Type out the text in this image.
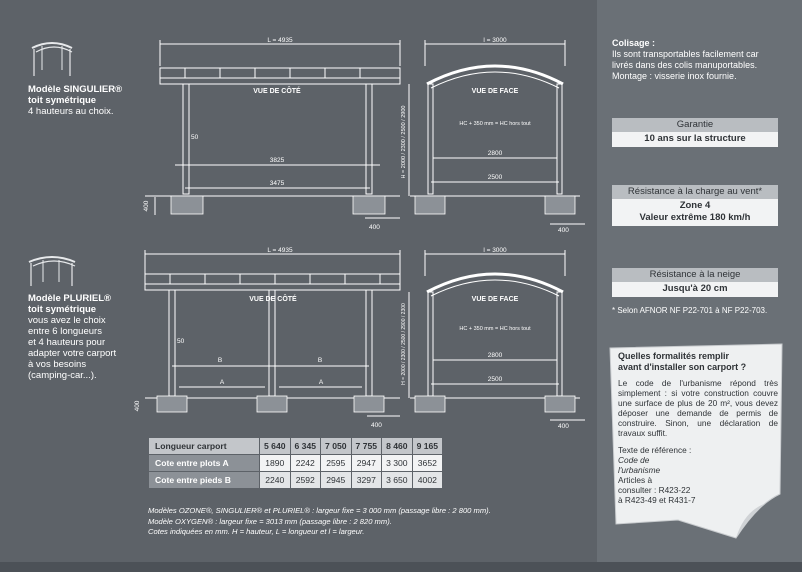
Modèle SINGULIER®
toit symétrique
4 hauteurs au choix.
Modèle PLURIEL®
toit symétrique
vous avez le choix
entre 6 longueurs
et 4 hauteurs pour
adapter votre carport
à vos besoins
(camping-car...).
L = 4935
VUE DE CÔTÉ
50
3825
3475
400
400
l = 3000
VUE DE FACE
H = 2000 / 2300 / 2500 / 2900	HC + 350 mm = HC hors tout
2800
2500
400
L = 4935
VUE DE CÔTÉ
50
B	B
A	A
400
400
l = 3000
VUE DE FACE
H = 2000 / 2300 / 2500 / 2900 / 2300	HC + 350 mm = HC hors tout
2800
2500
400
Longueur carport	5 640	6 345	7 050	7 755	8 460	9 165
Cote entre plots A	1890	2242	2595	2947	3 300	3652
Cote entre pieds B	2240	2592	2945	3297	3 650	4002
Modèles OZONE®, SINGULIER® et PLURIEL® : largeur fixe = 3 000 mm (passage libre : 2 800 mm).
Modèle OXYGEN® : largeur fixe = 3013 mm (passage libre : 2 820 mm).
Cotes indiquées en mm. H = hauteur, L = longueur et l = largeur.
Colisage :
Ils sont transportables facilement car
livrés dans des colis manuportables.
Montage : visserie inox fournie.
Garantie
10 ans sur la structure
Résistance à la charge au vent*
Zone 4
Valeur extrême 180 km/h
Résistance à la neige
Jusqu'à 20 cm
* Selon AFNOR NF P22-701 à NF P22-703.
Quelles formalités remplir
avant d'installer son carport ?
Le code de l'urbanisme répond très simplement : si votre construction couvre une surface de plus de 20 m², vous devez déposer une demande de permis de construire. Sinon, une déclaration de travaux suffit.
Texte de référence :
Code de
l'urbanisme
Articles à
consulter : R423-22
à R423-49 et R431-7
